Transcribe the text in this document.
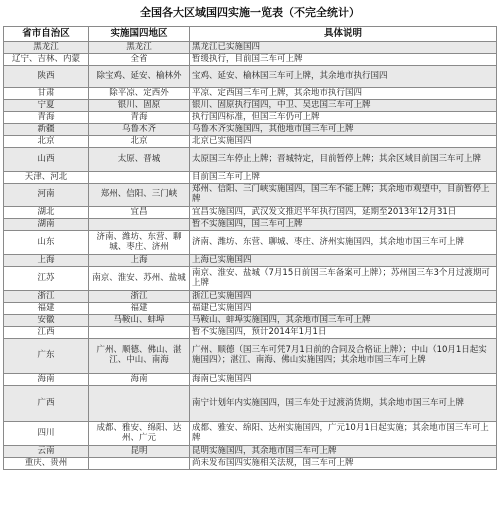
全国各大区域国四实施一览表（不完全统计）
省市自治区	实施国四地区	具体说明
黑龙江	黑龙江	黑龙江已实施国四
辽宁、吉林、内蒙	全省	暂缓执行，目前国三车可上牌
陕西	除宝鸡、延安、榆林外	宝鸡、延安、榆林国三车可上牌，其余地市执行国四
甘肃	除平凉、定西外	平凉、定西国三车可上牌，其余地市执行国四
宁夏	银川、固原	银川、固原执行国四，中卫、吴忠国三车可上牌
青海	青海	执行国四标准，但国三车仍可上牌
新疆	乌鲁木齐	乌鲁木齐实施国四，其他地市国三车可上牌
北京	北京	北京已实施国四
山西	太原、晋城	太原国三车停止上牌；晋城特定，目前暂停上牌；其余区域目前国三车可上牌
天津、河北		目前国三车可上牌
河南	郑州、信阳、三门峡	郑州、信阳、三门峡实施国四，国三车不能上牌；其余地市观望中，目前暂停上牌
湖北	宜昌	宜昌实施国四，武汉发文推迟半年执行国四，延期至2013年12月31日
湖南		暂不实施国四，国三车可上牌
山东	济南、潍坊、东营、聊城、枣庄、济州	济南、潍坊、东营、聊城、枣庄、济州实施国四，其余地市国三车可上牌
上海	上海	上海已实施国四
江苏	南京、淮安、苏州、盐城	南京、淮安、盐城（7月15日前国三车备案可上牌）；苏州国三车3个月过渡期可上牌
浙江	浙江	浙江已实施国四
福建	福建	福建已实施国四
安徽	马鞍山、蚌埠	马鞍山、蚌埠实施国四，其余地市国三车可上牌
江西		暂不实施国四，预计2014年1月1日
广东	广州、顺德、佛山、湛江、中山、南海	广州、顺德（国三车可凭7月1日前的合同及合格证上牌）；中山（10月1日起实施国四）；湛江、南海、佛山实施国四；其余地市国三车可上牌
海南	海南	海南已实施国四
广西		南宁计划年内实施国四，国三车处于过渡消货期，其余地市国三车可上牌
四川	成都、雅安、绵阳、达州、广元	成都、雅安、绵阳、达州实施国四，广元10月1日起实施；其余地市国三车可上牌
云南	昆明	昆明实施国四，其余地市国三车可上牌
重庆、贵州		尚未发布国四实施相关法规，国三车可上牌
